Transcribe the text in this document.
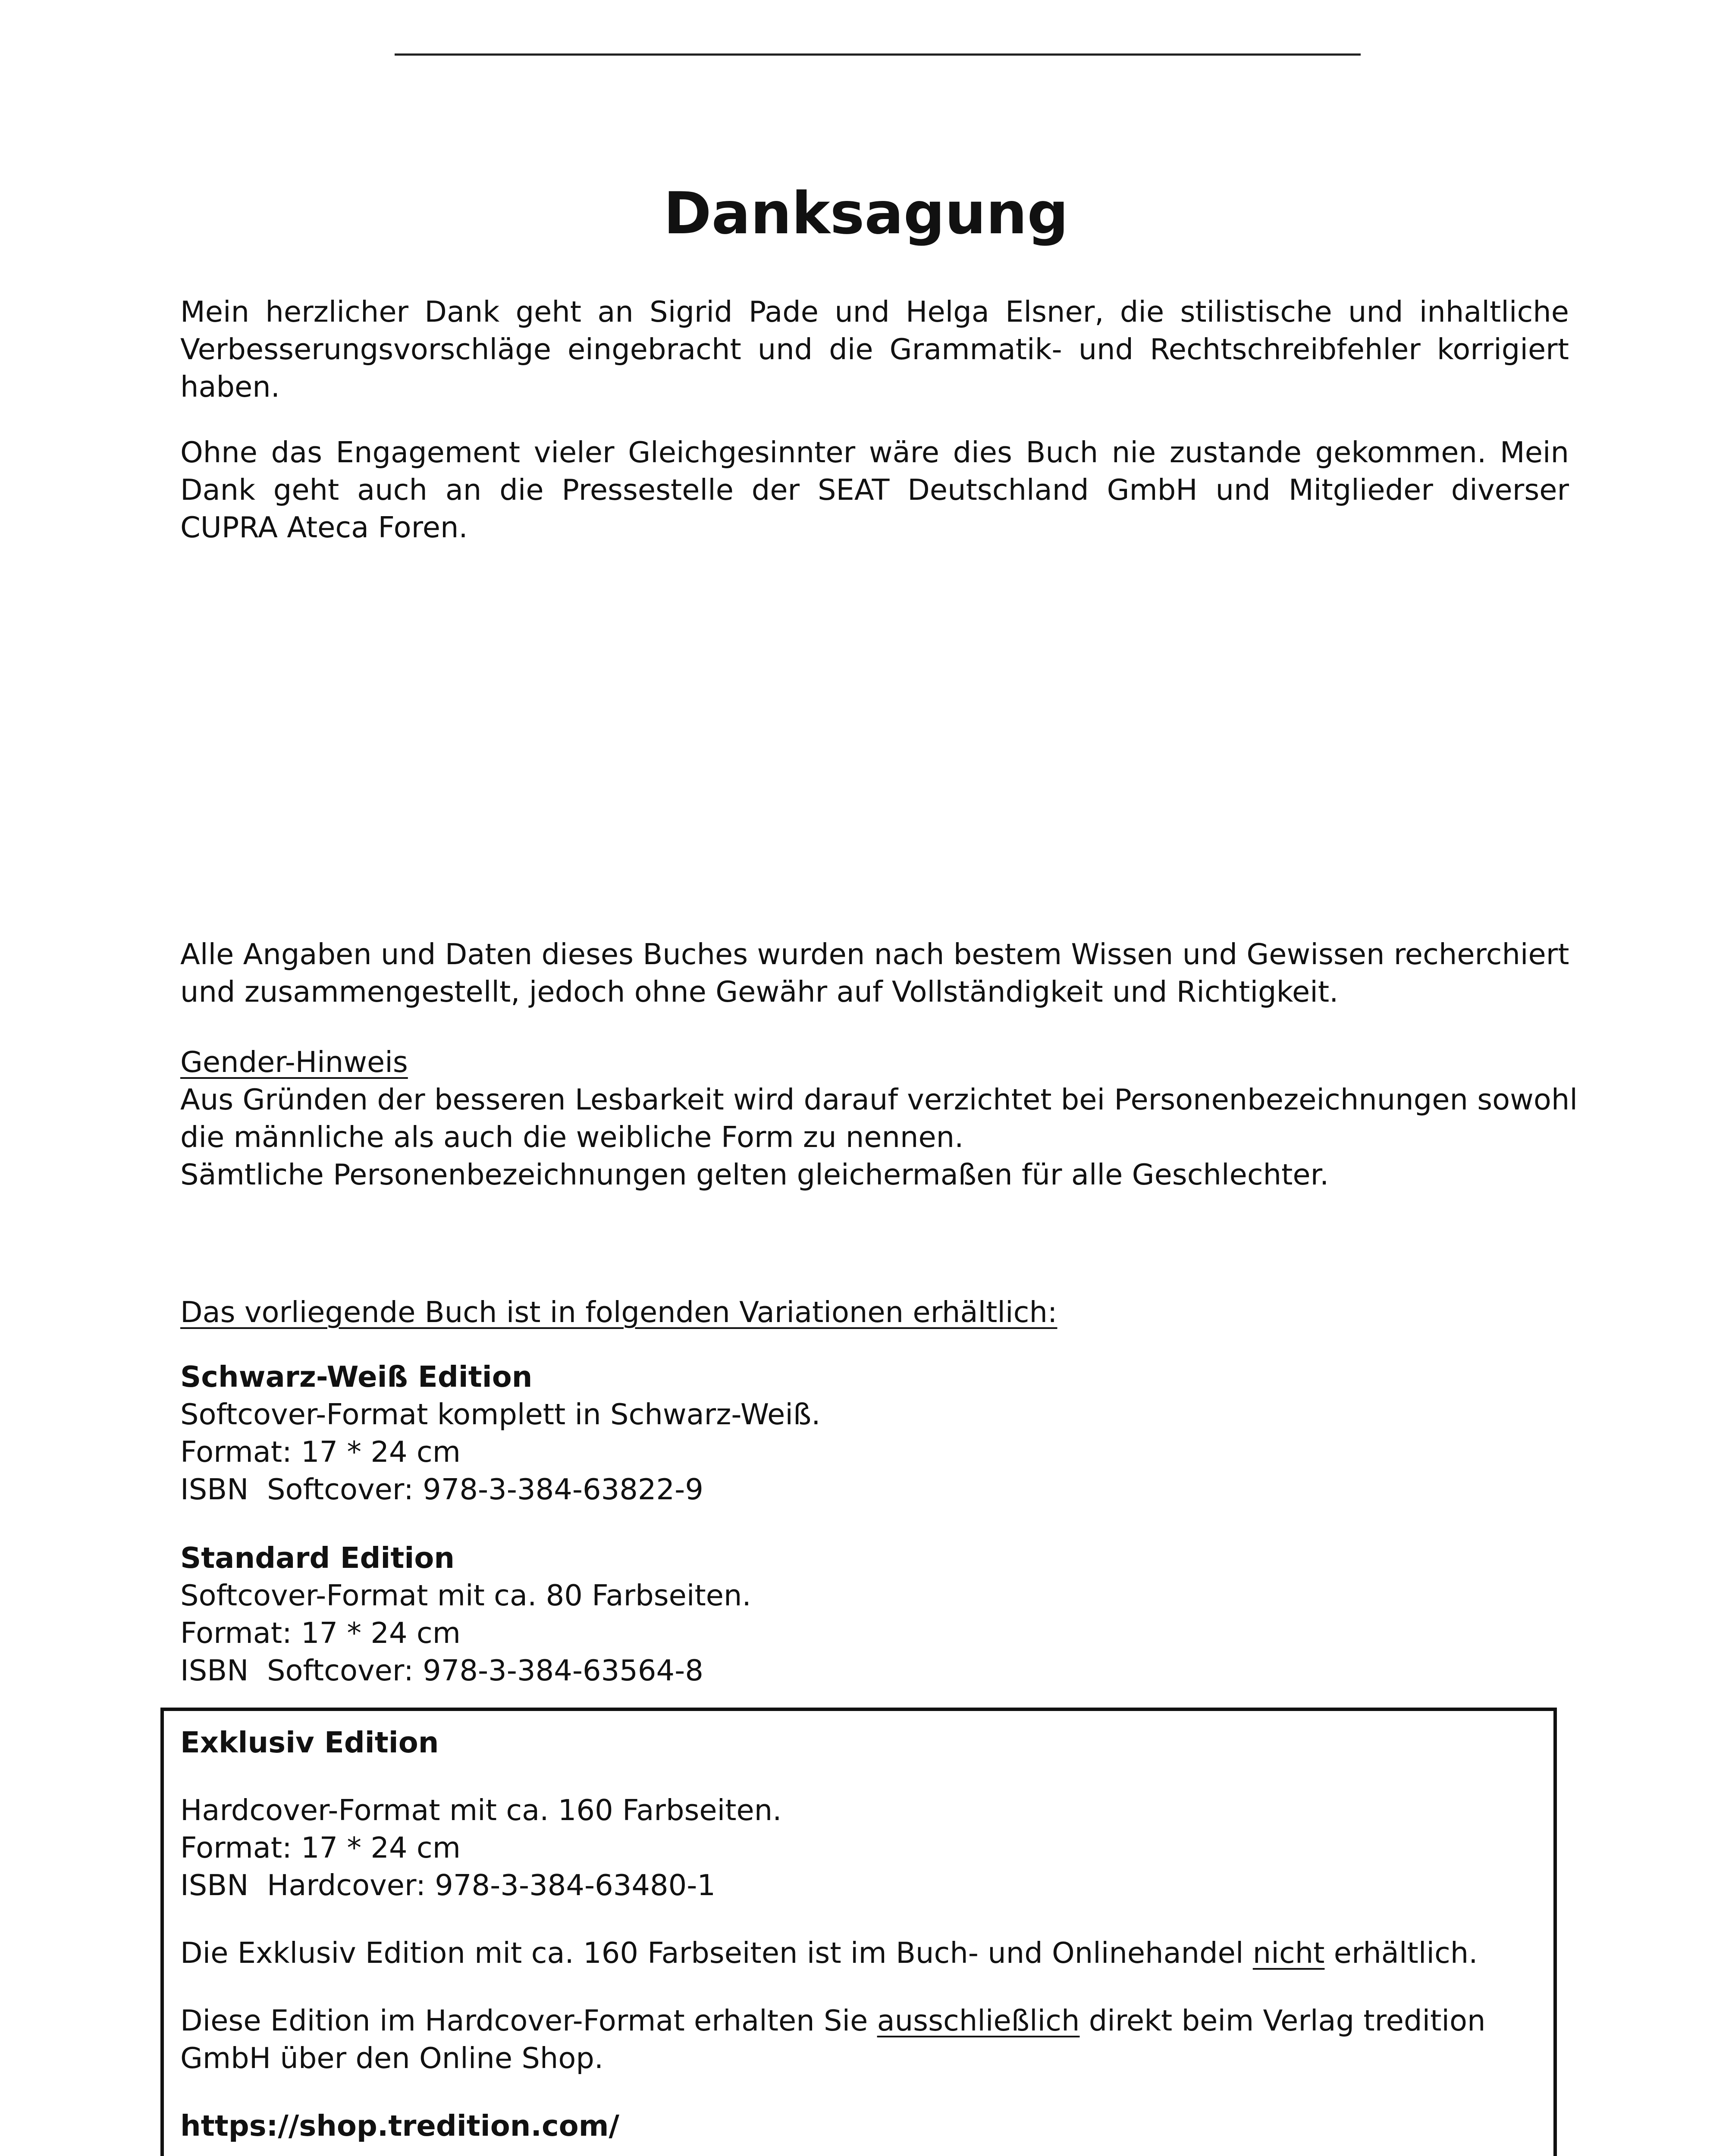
Danksagung
Mein herzlicher Dank geht an Sigrid Pade und Helga Elsner, die stilistische und inhaltliche Verbesserungsvorschläge eingebracht und die Grammatik- und Rechtschreibfehler korrigiert haben.
Ohne das Engagement vieler Gleichgesinnter wäre dies Buch nie zustande gekommen. Mein Dank geht auch an die Pressestelle der SEAT Deutschland GmbH und Mitglieder diverser CUPRA Ateca Foren.
Alle Angaben und Daten dieses Buches wurden nach bestem Wissen und Gewissen recherchiert
und zusammengestellt, jedoch ohne Gewähr auf Vollständigkeit und Richtigkeit.
Gender-Hinweis
Aus Gründen der besseren Lesbarkeit wird darauf verzichtet bei Personenbezeichnungen sowohl
die männliche als auch die weibliche Form zu nennen.
Sämtliche Personenbezeichnungen gelten gleichermaßen für alle Geschlechter.
Das vorliegende Buch ist in folgenden Variationen erhältlich:
Schwarz-Weiß Edition
Softcover-Format komplett in Schwarz-Weiß.
Format: 17 * 24 cm
ISBN  Softcover: 978-3-384-63822-9
Standard Edition
Softcover-Format mit ca. 80 Farbseiten.
Format: 17 * 24 cm
ISBN  Softcover: 978-3-384-63564-8
Exklusiv Edition
Hardcover-Format mit ca. 160 Farbseiten.
Format: 17 * 24 cm
ISBN  Hardcover: 978-3-384-63480-1
Die Exklusiv Edition mit ca. 160 Farbseiten ist im Buch- und Onlinehandel nicht erhältlich.
Diese Edition im Hardcover-Format erhalten Sie ausschließlich direkt beim Verlag tredition
GmbH über den Online Shop.
https://shop.tredition.com/
